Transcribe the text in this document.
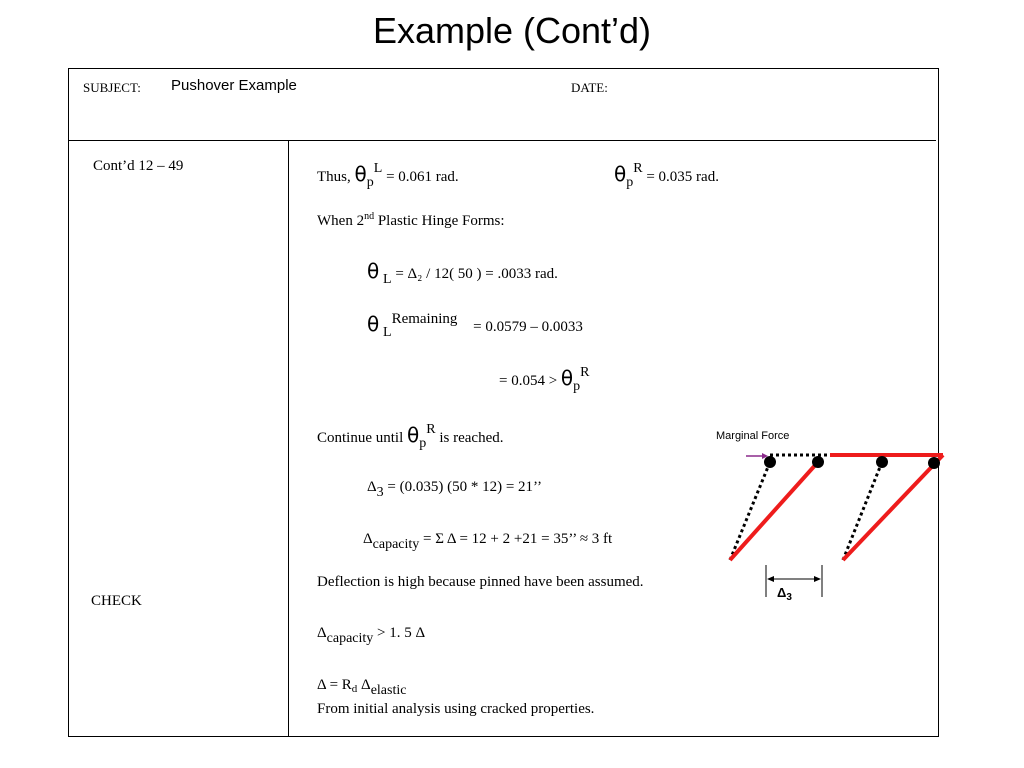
Example (Cont’d)
SUBJECT: Pushover Example	DATE:
Cont’d 12 – 49
CHECK
Thus, θpL = 0.061 rad.	θpR = 0.035 rad.
When 2nd Plastic Hinge Forms:
θ L = Δ₂ / 12( 50 ) = .0033 rad.
θ LRemaining = 0.0579 – 0.0033
= 0.054 > θpR
Continue until θpR is reached.
Δ3 = (0.035) (50 * 12) = 21’’
Δcapacity = Σ Δ = 12 + 2 +21 = 35’’ ≈ 3 ft
Deflection is high because pinned have been assumed.
Δcapacity > 1. 5 Δ
$\Delta = R_d$ Δelastic
From initial analysis using cracked properties.
Marginal Force
$\Delta_3$
